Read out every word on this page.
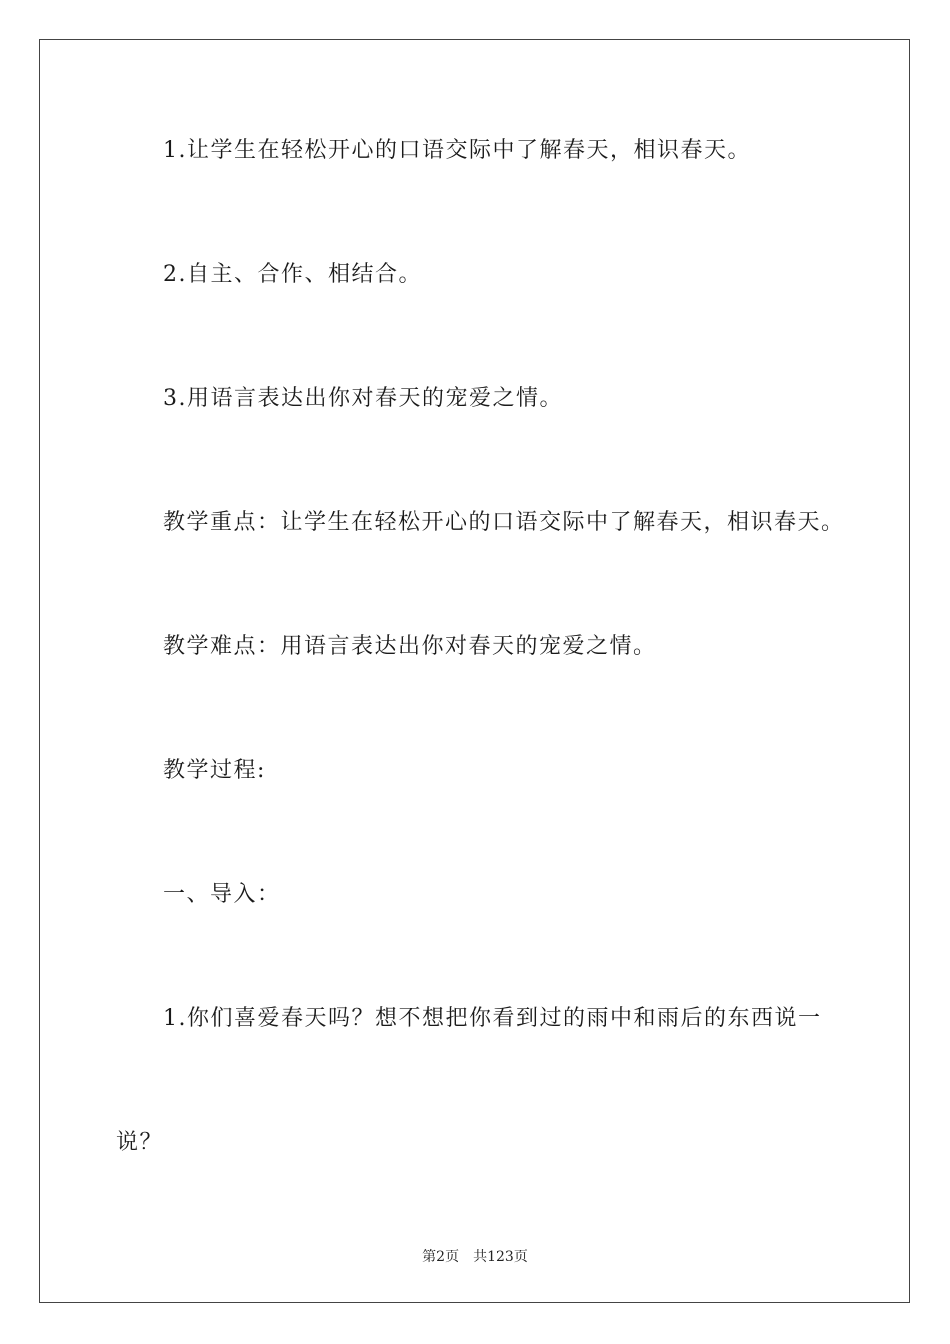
1.让学生在轻松开心的口语交际中了解春天，相识春天。
2.自主、合作、相结合。
3.用语言表达出你对春天的宠爱之情。
教学重点：让学生在轻松开心的口语交际中了解春天，相识春天。
教学难点：用语言表达出你对春天的宠爱之情。
教学过程:
一、导入：
1.你们喜爱春天吗？想不想把你看到过的雨中和雨后的东西说一
说？
第2页 共123页
